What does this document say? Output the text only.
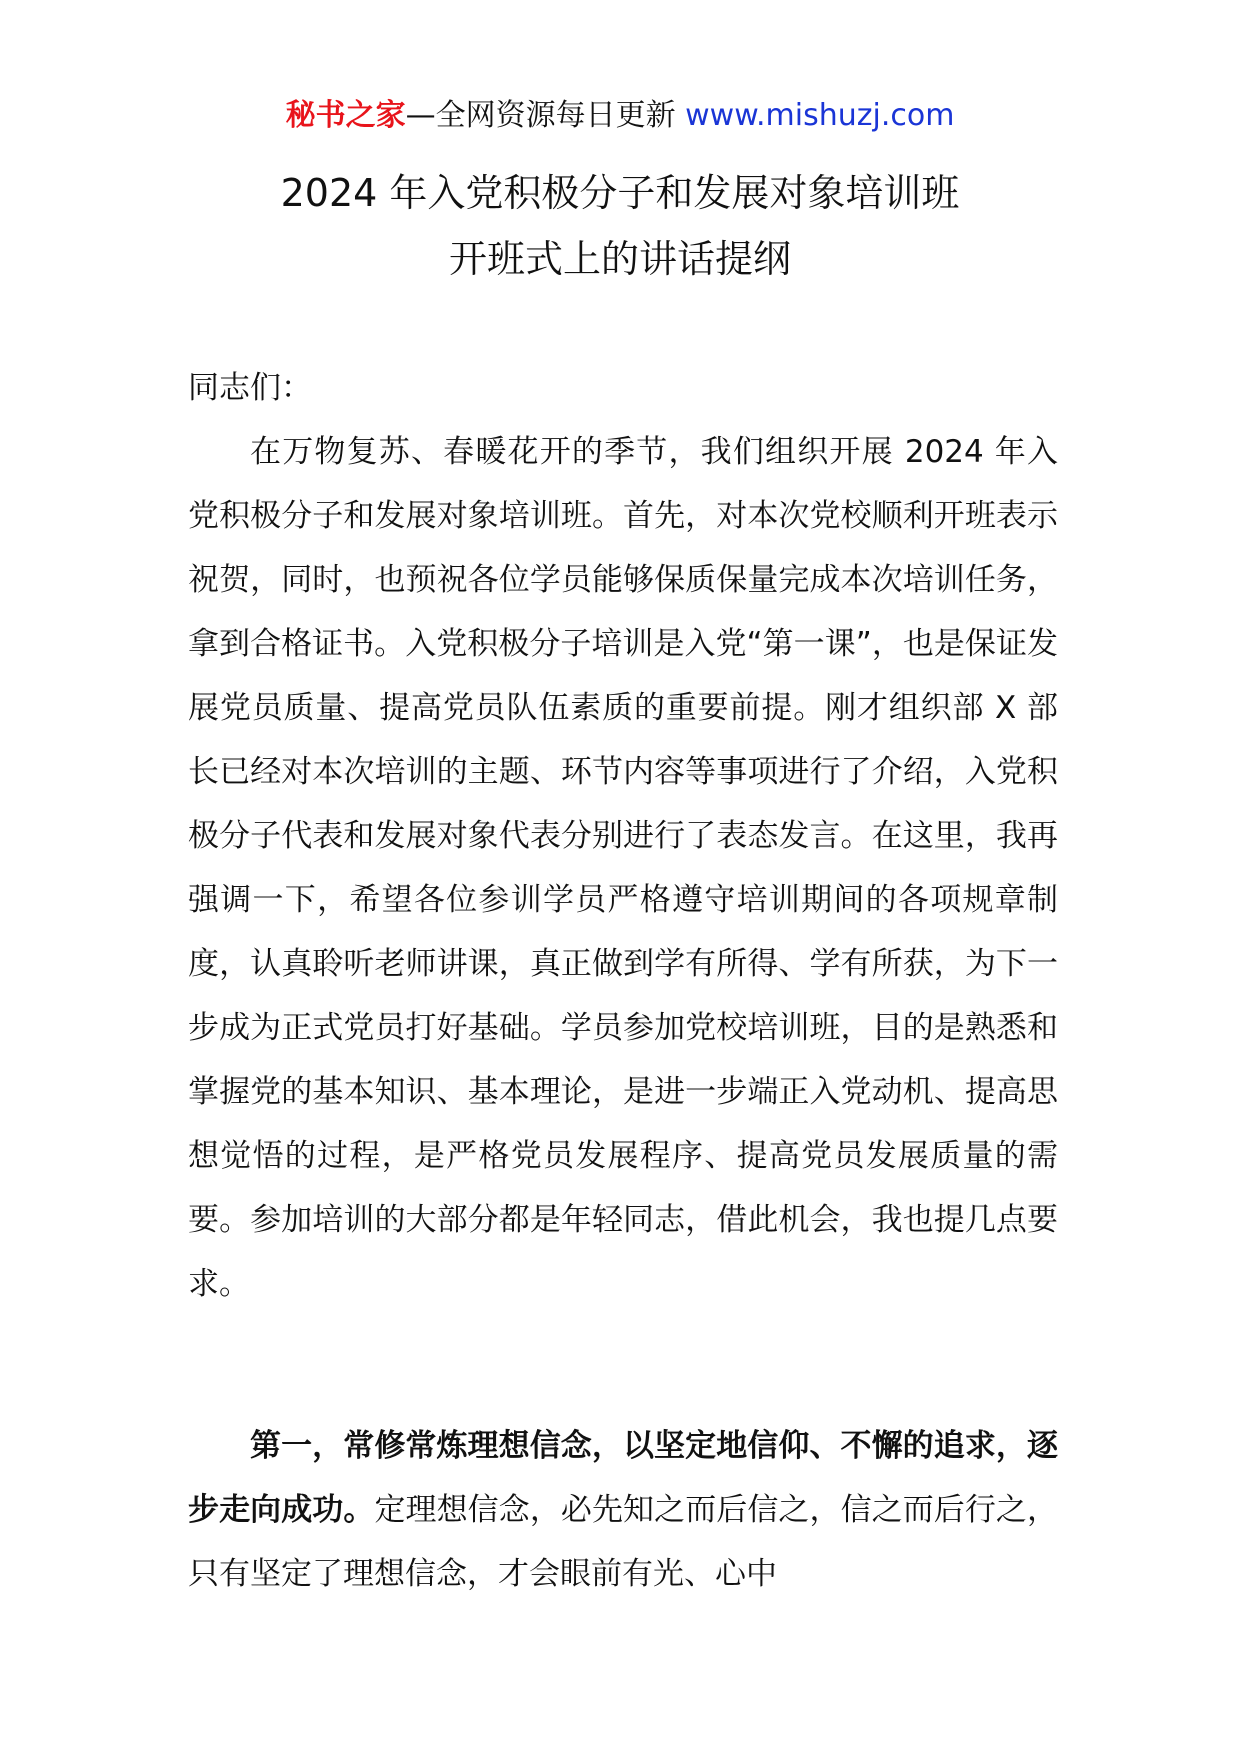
秘书之家—全网资源每日更新 www.mishuzj.com
2024 年入党积极分子和发展对象培训班
开班式上的讲话提纲
同志们：

在万物复苏、春暖花开的季节，我们组织开展 2024 年入党积极分子和发展对象培训班。首先，对本次党校顺利开班表示祝贺，同时，也预祝各位学员能够保质保量完成本次培训任务，拿到合格证书。入党积极分子培训是入党“第一课”，也是保证发展党员质量、提高党员队伍素质的重要前提。刚才组织部 X 部长已经对本次培训的主题、环节内容等事项进行了介绍，入党积极分子代表和发展对象代表分别进行了表态发言。在这里，我再强调一下，希望各位参训学员严格遵守培训期间的各项规章制度，认真聆听老师讲课，真正做到学有所得、学有所获，为下一步成为正式党员打好基础。学员参加党校培训班，目的是熟悉和掌握党的基本知识、基本理论，是进一步端正入党动机、提高思想觉悟的过程，是严格党员发展程序、提高党员发展质量的需要。参加培训的大部分都是年轻同志，借此机会，我也提几点要求。

第一，常修常炼理想信念，以坚定地信仰、不懈的追求，逐步走向成功。定理想信念，必先知之而后信之，信之而后行之，只有坚定了理想信念，才会眼前有光、心中
